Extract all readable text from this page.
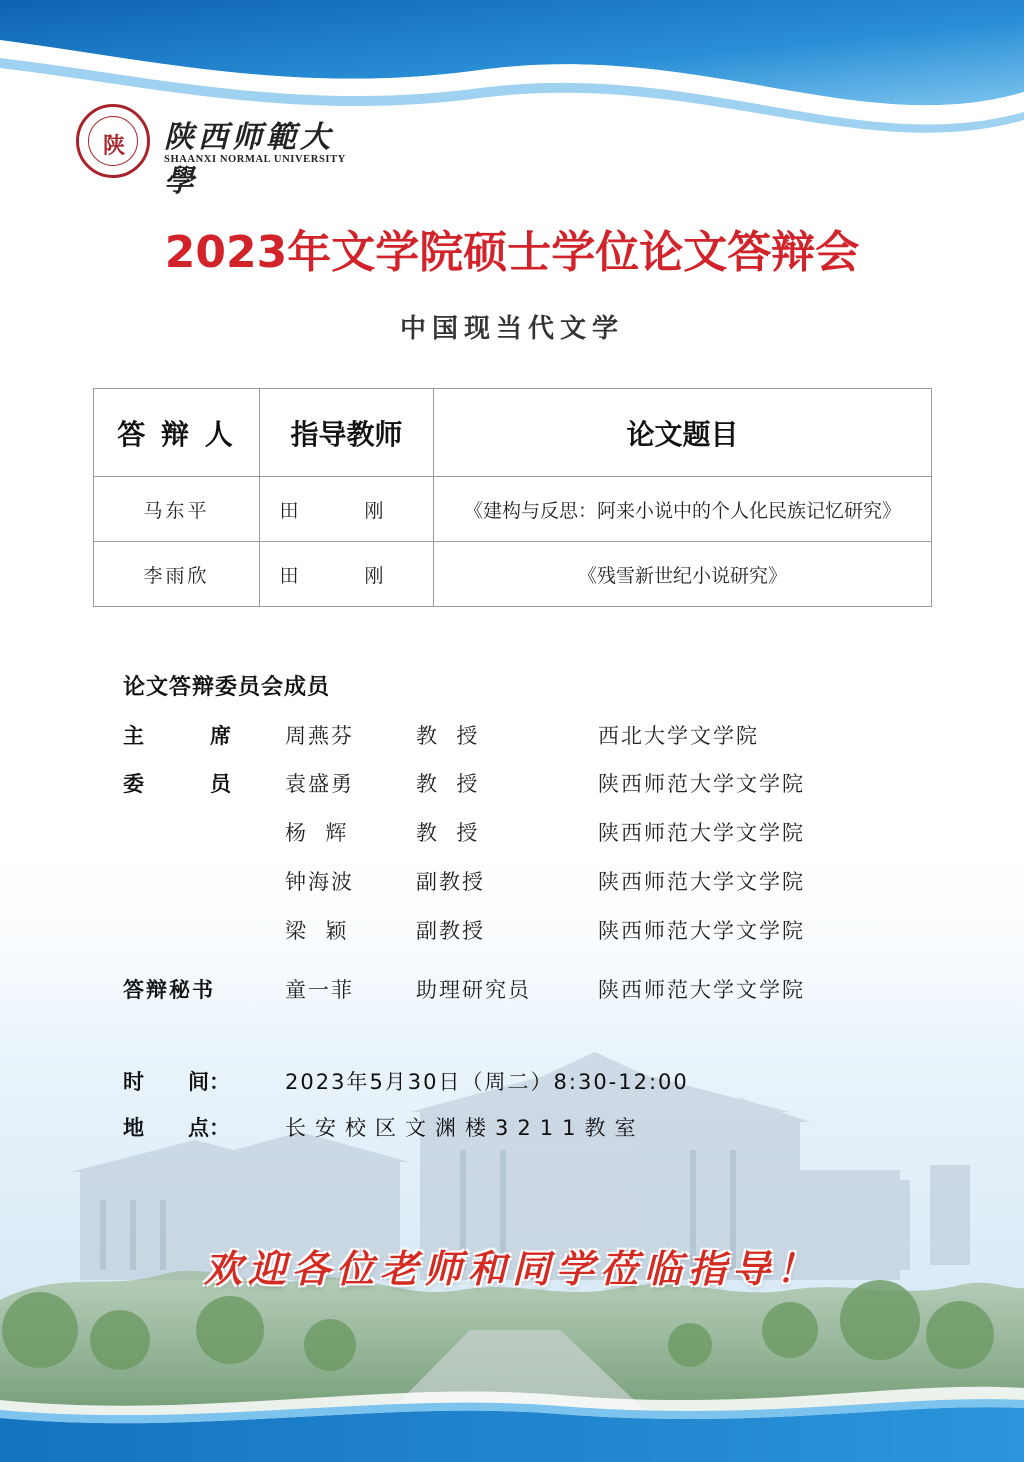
陕	陕西师範大學
SHAANXI NORMAL UNIVERSITY
2023年文学院硕士学位论文答辩会
中国现当代文学
答 辩 人	指导教师	论文题目
马东平	田 刚	《建构与反思：阿来小说中的个人化民族记忆研究》
李雨欣	田 刚	《残雪新世纪小说研究》
论文答辩委员会成员
主	席	周燕芬	教  授	西北大学文学院
委	员	袁盛勇	教  授	陕西师范大学文学院
杨  辉	教  授	陕西师范大学文学院
钟海波	副教授	陕西师范大学文学院
梁  颖	副教授	陕西师范大学文学院
答辩秘书	童一菲	助理研究员	陕西师范大学文学院
时 间：	2023年5月30日（周二）8:30-12:00
地 点：	长安校区文渊楼3211教室
欢迎各位老师和同学莅临指导！
